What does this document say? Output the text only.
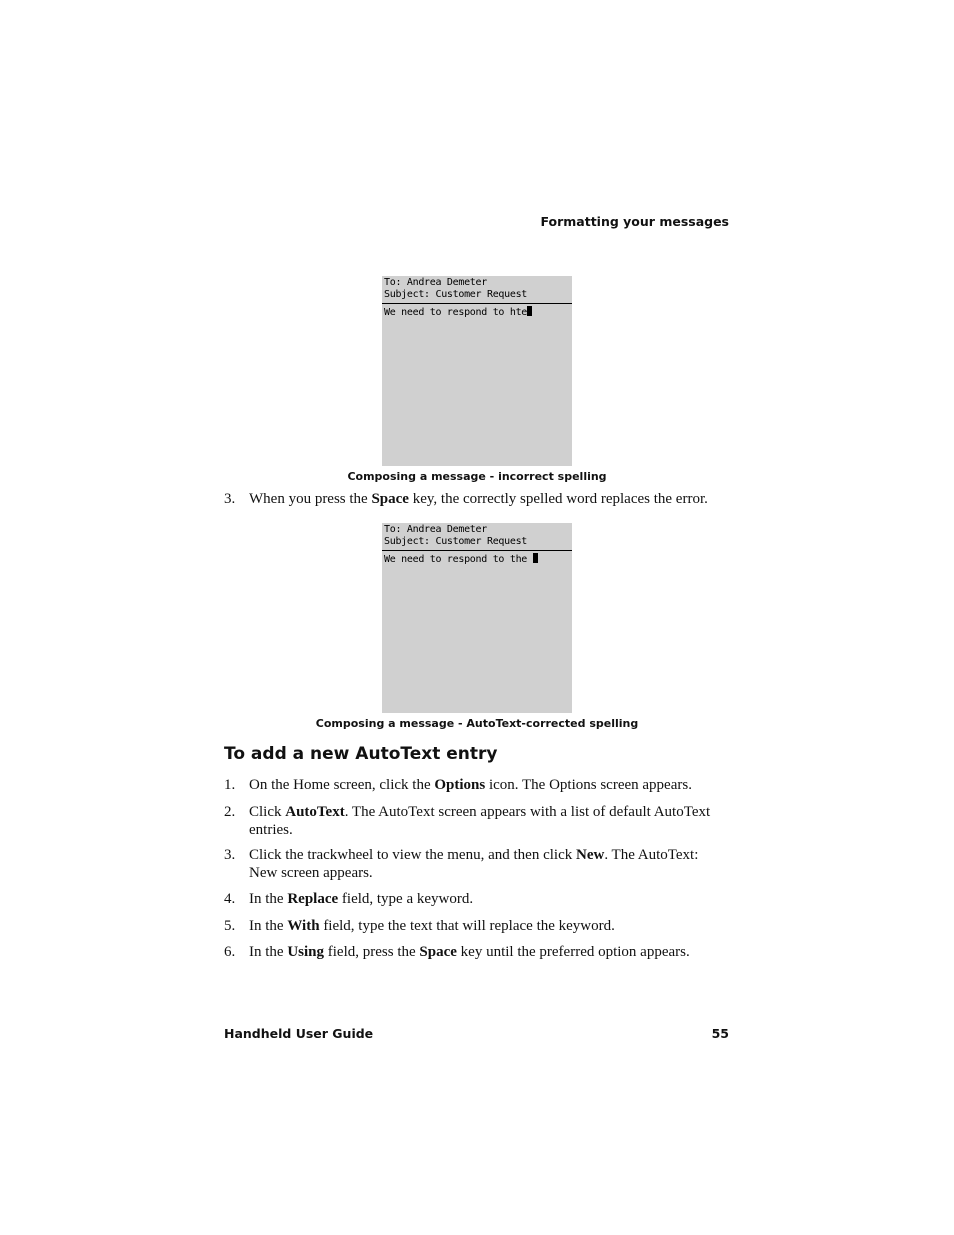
Formatting your messages
To: Andrea Demeter
Subject: Customer Request
We need to respond to hte
Composing a message - incorrect spelling
3. When you press the Space key, the correctly spelled word replaces the error.
To: Andrea Demeter
Subject: Customer Request
We need to respond to the
Composing a message - AutoText-corrected spelling
To add a new AutoText entry
1. On the Home screen, click the Options icon. The Options screen appears.
2. Click AutoText. The AutoText screen appears with a list of default AutoText entries.
3. Click the trackwheel to view the menu, and then click New. The AutoText: New screen appears.
4. In the Replace field, type a keyword.
5. In the With field, type the text that will replace the keyword.
6. In the Using field, press the Space key until the preferred option appears.
Handheld User Guide	55
